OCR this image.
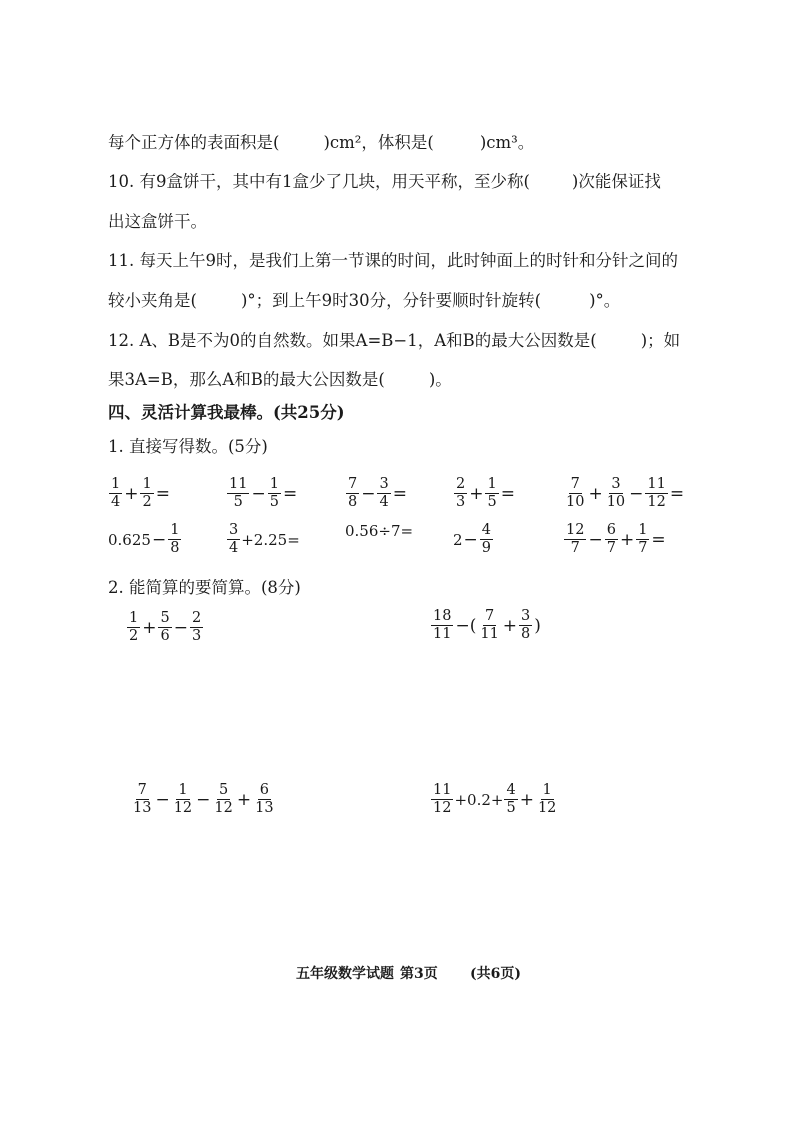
每个正方体的表面积是(	)cm²，体积是(	)cm³。
10. 有9盒饼干，其中有1盒少了几块，用天平称，至少称(	)次能保证找
出这盒饼干。
11. 每天上午9时，是我们上第一节课的时间，此时钟面上的时针和分针之间的
较小夹角是(	)°；到上午9时30分，分针要顺时针旋转(	)°。
12. A、B是不为0的自然数。如果A=B−1，A和B的最大公因数是(	)；如
果3A=B，那么A和B的最大公因数是(	)。
四、灵活计算我最棒。(共25分)
1. 直接写得数。(5分)
$\frac{1}{4} + \frac{1}{2}$ =	$\frac{11}{5} - \frac{1}{5}$ =	$\frac{7}{8} - \frac{3}{4}$ =	$\frac{2}{3} + \frac{1}{5}$ =	$\frac{7}{10} + \frac{3}{10} - \frac{11}{12}$ =
$0.625 - \frac{1}{8}$	$\frac{3}{4} +2.25=$	0.56÷7=	$2 - \frac{4}{9}$	$\frac{12}{7} - \frac{6}{7} + \frac{1}{7}$ =
2. 能简算的要简算。(8分)
$\frac{1}{2} + \frac{5}{6} - \frac{2}{3}$	$\frac{18}{11}$ −( $\frac{7}{11} + \frac{3}{8}$ )
$\frac{7}{13} - \frac{1}{12} - \frac{5}{12} + \frac{6}{13}$	$\frac{11}{12} +0.2+ \frac{4}{5} + \frac{1}{12}$
五年级数学试题 第3页 (共6页)
